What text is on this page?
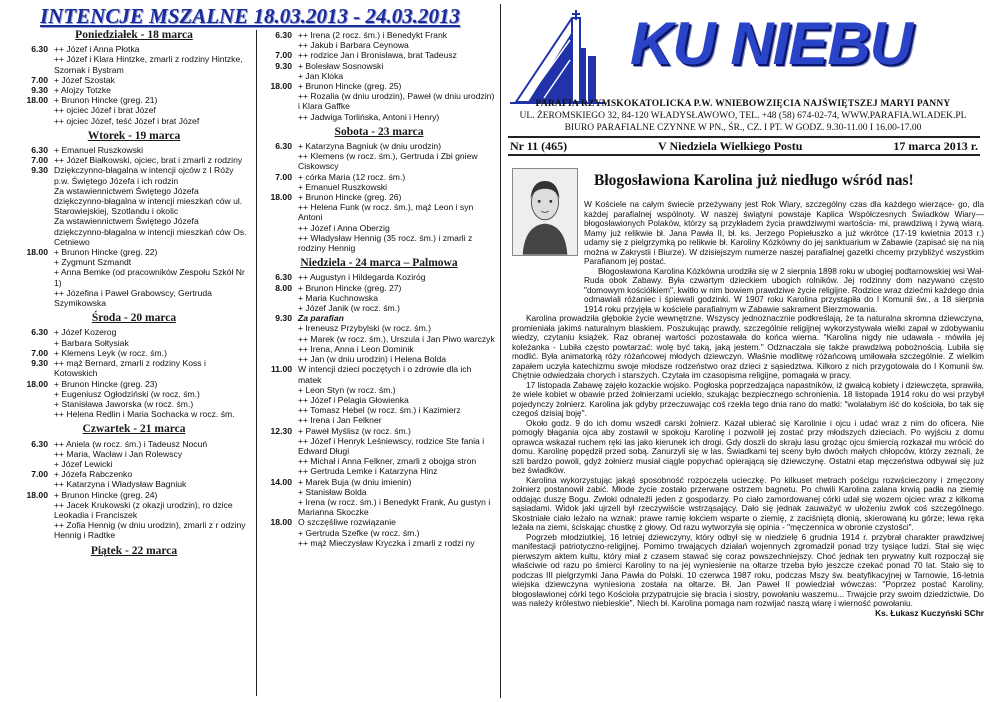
INTENCJE MSZALNE 18.03.2013 - 24.03.2013
Poniedziałek - 18 marca
6.30 ++ Józef i Anna Płotka
++ Józef i Klara Hintzke, zmarli z rodziny Hintzke, Szornak i Bystram
7.00 + Józef Szostak
9.30 + Alojzy Totzke
18.00 + Brunon Hincke (greg. 21)
++ ojciec Józef i brat Józef
++ ojciec Józef, teść Józef i brat Józef
Wtorek - 19 marca
6.30 + Emanuel Ruszkowski
7.00 ++ Józef Białkowski, ojciec, brat i zmarli z rodziny
9.30 Dziękczynno-błagalna w intencji ojców z I Róży p.w. Świętego Józefa i ich rodzin
Za wstawiennictwem Świętego Józefa dziękczynno-błagalna w intencji mieszkań ców ul. Starowiejskiej, Szotlandu i okolic
Za wstawiennictwem Świętego Józefa dziękczynno-błagalna w intencji mieszkań ców Os. Cetniewo
18.00 + Brunon Hincke (greg. 22)
+ Zygmunt Szmandt
+ Anna Bemke (od pracowników Zespołu Szkół Nr 1)
++ Józefina i Paweł Grabowscy, Gertruda Szymikowska
Środa - 20 marca
6.30 + Józef Kozerog
+ Barbara Sołtysiak
7.00 + Klemens Leyk (w rocz. śm.)
9.30 ++ mąż Bernard, zmarli z rodziny Koss i Kotowskich
18.00 + Brunon Hincke (greg. 23)
+ Eugeniusz Ogłodziński (w rocz. śm.)
+ Stanisława Jaworska (w rocz. śm.)
++ Helena Redlin i Maria Sochacka w rocz. śm.
Czwartek - 21 marca
6.30 ++ Aniela (w rocz. śm.) i Tadeusz Nocuń
++ Maria, Wacław i Jan Rolewscy
+ Józef Lewicki
7.00 + Józefa Rabczenko
++ Katarzyna i Władysław Bagniuk
18.00 + Brunon Hincke (greg. 24)
++ Jacek Krukowski (z okazji urodzin), ro dzice Leokadia i Franciszek
++ Zofia Hennig (w dniu urodzin), zmarli z r odziny Hennig i Radtke
Piątek - 22 marca
6.30 ++ Irena (2 rocz. śm.) i Benedykt Frank
++ Jakub i Barbara Ceynowa
7.00 ++ rodzice Jan i Bronisława, brat Tadeusz
9.30 + Bolesław Sosnowski
+ Jan Kloka
18.00 + Brunon Hincke (greg. 25)
++ Rozalia (w dniu urodzin), Paweł (w dniu urodzin) i Klara Gaffke
++ Jadwiga Torlińska, Antoni i Henry)
Sobota - 23 marca
6.30 + Katarzyna Bagniuk (w dniu urodzin)
++ Klemens (w rocz. śm.), Gertruda i Zbi gniew Ciskowscy
7.00 + córka Maria (12 rocz. śm.)
+ Emanuel Ruszkowski
18.00 + Brunon Hincke (greg. 26)
++ Helena Funk (w rocz. śm.), mąż Leon i syn Antoni
++ Józef i Anna Oberzig
++ Władysław Hennig (35 rocz. śm.) i zmarli z rodziny Hennig
Niedziela - 24 marca – Palmowa
6.30 ++ Augustyn i Hildegarda Kozirόg
8.00 + Brunon Hincke (greg. 27)
+ Maria Kuchnowska
+ Józef Janik (w rocz. śm.)
9.30 Za parafian
+ Ireneusz Przybylski (w rocz. śm.)
++ Marek (w rocz. śm.), Urszula i Jan Piwo warczyk
++ Irena, Anna i Leon Dominik
++ Jan (w dniu urodzin) i Helena Bolda
11.00 W intencji dzieci poczętych i o zdrowie dla ich matek
+ Leon Styn (w rocz. śm.)
++ Józef i Pelagia Głowienka
++ Tomasz Hebel (w rocz. śm.) i Kazimierz
++ Irena i Jan Felkner
12.30 + Paweł Myślisz (w rocz. śm.)
++ Józef i Henryk Leśniewscy, rodzice Ste fania i Edward Długi
++ Michał i Anna Felkner, zmarli z obojga stron
++ Gertruda Lemke i Katarzyna Hinz
14.00 + Marek Buja (w dniu imienin)
+ Stanisław Bolda
+ Irena (w rocz. śm.) i Benedykt Frank, Au gustyn i Marianna Skoczke
18.00 O szczęśliwe rozwiązanie
+ Gertruda Szefke (w rocz. śm.)
++ mąż Mieczysław Kryczka i zmarli z rodzi ny
KU NIEBU
PARAFIA RZYMSKOKATOLICKA P.W. WNIEBOWZIĘCIA NAJŚWIĘTSZEJ MARYI PANNY
UL. ŻEROMSKIEGO 32, 84-120 WŁADYSŁAWOWO, TEL. +48 (58) 674-02-74, WWW.PARAFIA.WLADEK.PL
BIURO PARAFIALNE CZYNNE W PN., ŚR., CZ. I PT. W GODZ. 9.30-11.00 I 16.00-17.00
Nr 11 (465)	V Niedziela Wielkiego Postu	17 marca 2013 r.
Błogosławiona Karolina już niedługo wśród nas!

W Kościele na całym świecie przeżywany jest Rok Wiary, szczególny czas dla każdego wierzące- go, dla każdej parafialnej wspólnoty. W naszej świątyni powstaje Kaplica Współczesnych Świadków Wiary—błogosławionych Polaków, którzy są przykładem życia prawdziwymi wartościa- mi, prawdziwą i żywą wiarą. Mamy już relikwie bł. Jana Pawła II, bł. ks. Jerzego Popiełuszko a już wkrótce (17-19 kwietnia 2013 r.) udamy się z pielgrzymką po relikwie bł. Karoliny Kózkówny do jej sanktuarium w Zabawie (zapisać się na nią można w Zakrystii i Biurze). W dzisiejszym numerze naszej parafialnej gazetki chcemy przybliżyć wszystkim Parafianom jej postać.

Błogosławiona Karolina Kózkówna urodziła się w 2 sierpnia 1898 roku w ubogiej podtarnowskiej wsi Wał-Ruda obok Zabawy. Była czwartym dzieckiem ubogich rolników. Jej rodzinny dom nazywano często "domowym kościółkiem", kwitło w nim bowiem prawdziwe życie religijne. Rodzice wraz dziećmi każdego dnia odmawiali różaniec i śpiewali godzinki. W 1907 roku Karolina przystąpiła do I Komunii św., a 18 sierpnia 1914 roku przyjęła w kościele parafialnym w Zabawie sakrament Bierzmowania.

Karolina prowadziła głębokie życie wewnętrzne. Wszyscy jednoznacznie podkreślają, że ta naturalna skromna dziewczyna, promieniała jakimś naturalnym blaskiem. Poszukując prawdy, szczególnie religijnej wykorzystywała wielki zapał w zdobywaniu wiedzy, czytaniu książek. Raz obranej wartości pozostawała do końca wierna. "Karolina nigdy nie udawała - mówiła jej koleżanka - Lubiła często powtarzać: wolę być taką, jaką jestem." Odznaczała się także prawdziwą pobożnością. Lubiła się modlić. Była animatorką róży różańcowej młodych dziewczyn. Właśnie modlitwę różańcową umiłowała szczególnie. Z wielkim zapałem uczyła katechizmu swoje młodsze rodzeństwo oraz dzieci z sąsiedztwa. Kilkoro z nich przygotowała do I Komunii św. Chętnie odwiedzała chorych i starszych. Czytała im czasopisma religijne, pomagała w pracy.

17 listopada Zabawę zajęło kozackie wojsko. Pogłoska poprzedzająca napastników, iż gwałcą kobiety i dziewczęta, sprawiła, że wiele kobiet w obawie przed żołnierzami uciekło, szukając bezpiecznego schronienia. 18 listopada 1914 roku do wsi przybył pojedynczy żołnierz. Karolina jak gdyby przeczuwając coś rzekła tego dnia rano do matki: "wolałabym iść do kościoła, bo tak się czegoś dzisiaj boję".

Około godz. 9 do ich domu wszedł carski żołnierz. Kazał ubierać się Karolinie i ojcu i udać wraz z nim do oficera. Nie pomogły błagania ojca aby zostawił w spokoju Karolinę i pozwolił jej zostać przy młodszych dzieciach. Po wyjściu z domu oprawca wskazał ruchem ręki las jako kierunek ich drogi. Gdy doszli do skraju lasu grożąc ojcu śmiercią rozkazał mu wrócić do domu. Karolinę popędził przed sobą. Zanurzyli się w las. Świadkami tej sceny było dwóch małych chłopców, którzy zeznali, że szli bardzo powoli, gdyż żołnierz musiał ciągle popychać opierającą się dziewczynę. Ostatni etap męczeństwa odbywał się już bez świadków.

Karolina wykorzystując jakąś sposobność rozpoczęła ucieczkę. Po kilkuset metrach pościgu rozwścieczony i zmęczony żołnierz postanowił zabić. Młode życie zostało przerwane ostrzem bagnetu. Po chwili Karolina zalana krwią padła na ziemię oddając duszę Bogu. Zwłoki odnaleźli jeden z gospodarzy. Po ciało zamordowanej córki udał się wozem ojciec wraz z kilkoma sąsiadami. Widok jaki ujrzeli był rzeczywiście wstrząsający. Dało się jednak zauważyć w ułożeniu zwłok coś szczególnego. Skostniałe ciało leżało na wznak: prawe ramię łokciem wsparte o ziemię, z zaciśniętą dłonią, skierowaną ku górze; lewa ręka leżała na ziemi, ściskając chustkę z głowy. Od razu wytworzyła się opinia - "męczennica w obronie czystości".

Pogrzeb młodziutkiej, 16 letniej dziewczyny, który odbył się w niedzielę 6 grudnia 1914 r. przybrał charakter prawdziwej manifestacji patriotyczno-religijnej. Pomimo trwających działań wojennych zgromadził ponad trzy tysiące ludzi. Stał się więc pierwszym aktem kultu, który miał z czasem stawać się coraz powszechniejszy. Choć jednak ten prywatny kult rozpoczął się właściwie od razu po śmierci Karoliny to na jej wyniesienie na ołtarze trzeba było jeszcze czekać ponad 70 lat. Stało się to podczas III pielgrzymki Jana Pawła do Polski. 10 czerwca 1987 roku, podczas Mszy św. beatyfikacyjnej w Tarnowie, 16-letnia wiejska dziewczyna wyniesiona została na ołtarze. Bł. Jan Paweł II powiedział wówczas: "Poprzez postać Karoliny, błogosławionej córki tego Kościoła przypatrujcie się bracia i siostry, powołaniu waszemu... Trwajcie przy swoim dziedzictwie. Do was należy królestwo niebieskie". Niech bł. Karolina pomaga nam rozwijać naszą wiarę i wierność powołaniu.

Ks. Łukasz Kuczyński SChr
